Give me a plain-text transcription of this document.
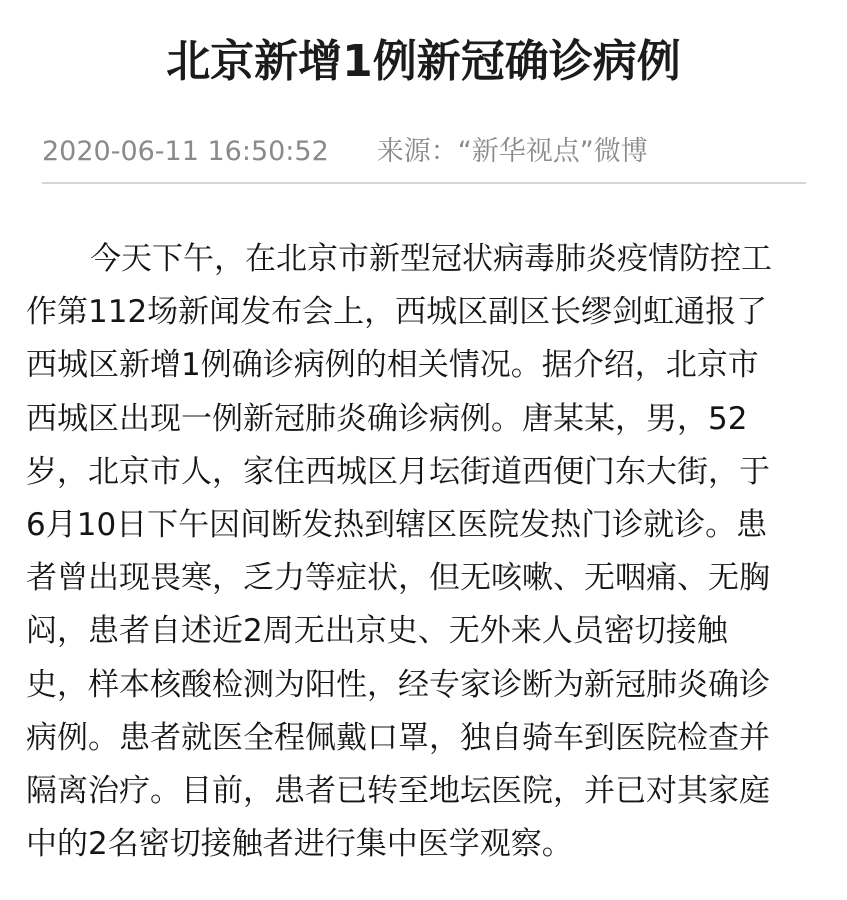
北京新增1例新冠确诊病例
2020-06-11 16:50:52 来源：“新华视点”微博
今天下午，在北京市新型冠状病毒肺炎疫情防控工
作第112场新闻发布会上，西城区副区长缪剑虹通报了
西城区新增1例确诊病例的相关情况。据介绍，北京市
西城区出现一例新冠肺炎确诊病例。唐某某，男，52
岁，北京市人，家住西城区月坛街道西便门东大街，于
6月10日下午因间断发热到辖区医院发热门诊就诊。患
者曾出现畏寒，乏力等症状，但无咳嗽、无咽痛、无胸
闷，患者自述近2周无出京史、无外来人员密切接触
史，样本核酸检测为阳性，经专家诊断为新冠肺炎确诊
病例。患者就医全程佩戴口罩，独自骑车到医院检查并
隔离治疗。目前，患者已转至地坛医院，并已对其家庭
中的2名密切接触者进行集中医学观察。
